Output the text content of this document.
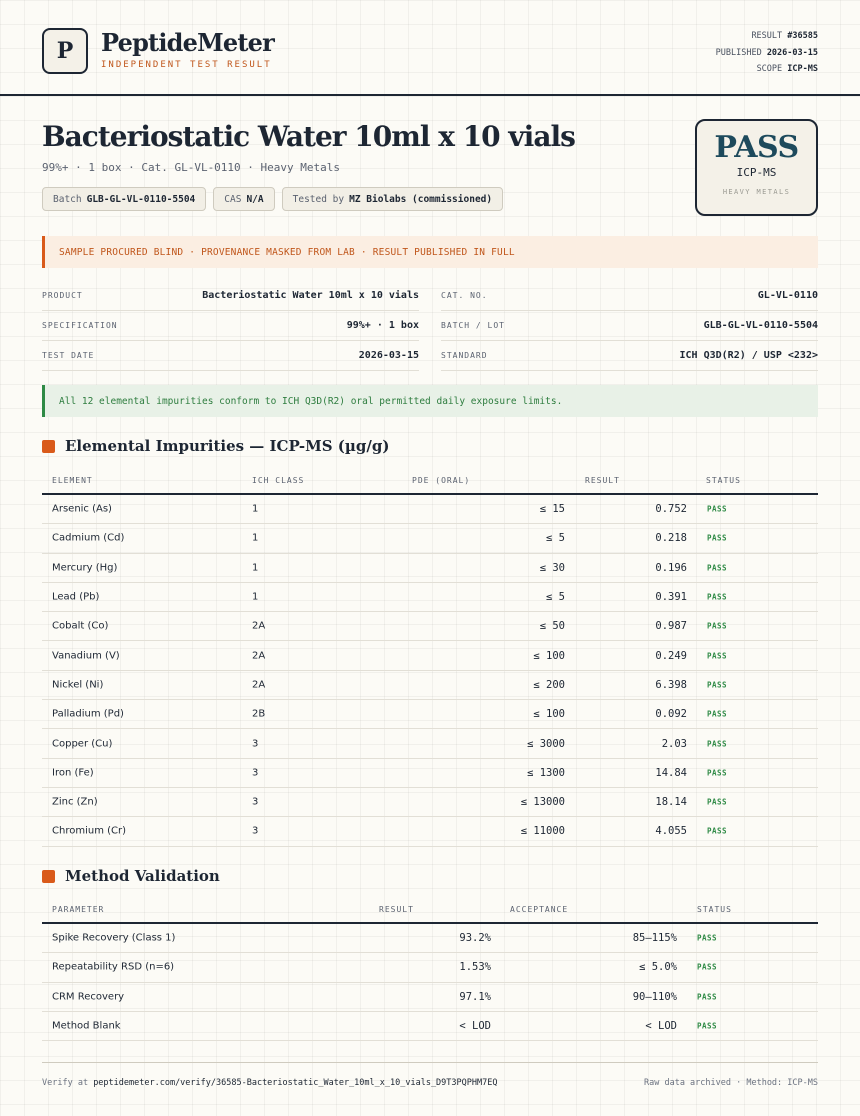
P	PeptideMeter
INDEPENDENT TEST RESULT
RESULT #36585
PUBLISHED 2026-03-15
SCOPE ICP-MS
Bacteriostatic Water 10ml x 10 vials
99%+ · 1 box · Cat. GL-VL-0110 · Heavy Metals
Batch GLB-GL-VL-0110-5504	CAS N/A	Tested by MZ Biolabs (commissioned)
PASS
ICP-MS
HEAVY METALS
SAMPLE PROCURED BLIND · PROVENANCE MASKED FROM LAB · RESULT PUBLISHED IN FULL
PRODUCT	Bacteriostatic Water 10ml x 10 vials
SPECIFICATION	99%+ · 1 box
TEST DATE	2026-03-15
CAT. NO.	GL-VL-0110
BATCH / LOT	GLB-GL-VL-0110-5504
STANDARD	ICH Q3D(R2) / USP <232>
All 12 elemental impurities conform to ICH Q3D(R2) oral permitted daily exposure limits.
Elemental Impurities — ICP-MS (µg/g)
ELEMENT	ICH CLASS	PDE (ORAL)	RESULT	STATUS
Arsenic (As)	1	≤ 15	0.752	PASS
Cadmium (Cd)	1	≤ 5	0.218	PASS
Mercury (Hg)	1	≤ 30	0.196	PASS
Lead (Pb)	1	≤ 5	0.391	PASS
Cobalt (Co)	2A	≤ 50	0.987	PASS
Vanadium (V)	2A	≤ 100	0.249	PASS
Nickel (Ni)	2A	≤ 200	6.398	PASS
Palladium (Pd)	2B	≤ 100	0.092	PASS
Copper (Cu)	3	≤ 3000	2.03	PASS
Iron (Fe)	3	≤ 1300	14.84	PASS
Zinc (Zn)	3	≤ 13000	18.14	PASS
Chromium (Cr)	3	≤ 11000	4.055	PASS
Method Validation
PARAMETER	RESULT	ACCEPTANCE	STATUS
Spike Recovery (Class 1)	93.2%	85–115%	PASS
Repeatability RSD (n=6)	1.53%	≤ 5.0%	PASS
CRM Recovery	97.1%	90–110%	PASS
Method Blank	< LOD	< LOD	PASS
Verify at peptidemeter.com/verify/36585-Bacteriostatic_Water_10ml_x_10_vials_D9T3PQPHM7EQ	Raw data archived · Method: ICP-MS
